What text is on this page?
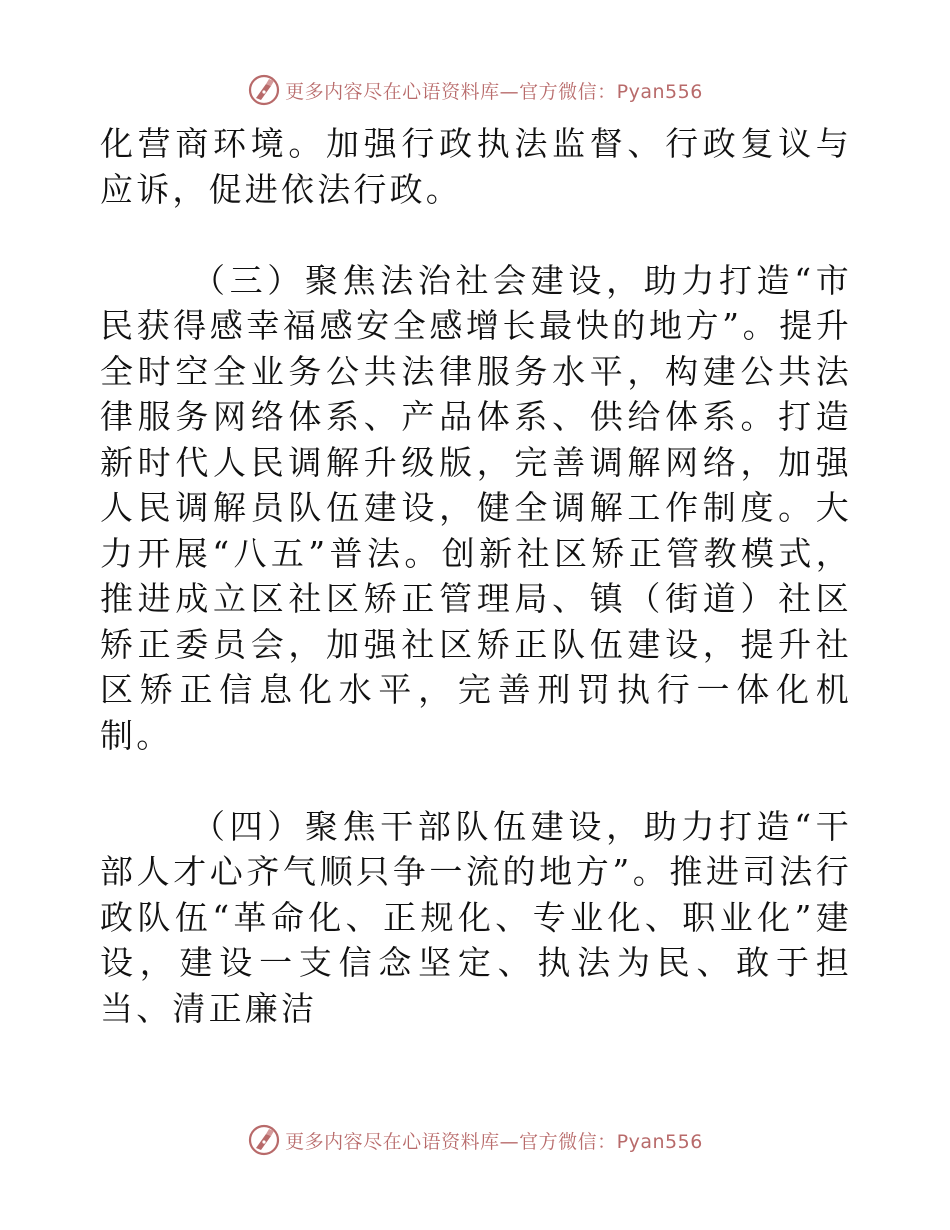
更多内容尽在心语资料库—官方微信：Pyan556

化营商环境。加强行政执法监督、行政复议与应诉，促进依法行政。

（三）聚焦法治社会建设，助力打造“市民获得感幸福感安全感增长最快的地方”。提升全时空全业务公共法律服务水平，构建公共法律服务网络体系、产品体系、供给体系。打造新时代人民调解升级版，完善调解网络，加强人民调解员队伍建设，健全调解工作制度。大力开展“八五”普法。创新社区矫正管教模式，推进成立区社区矫正管理局、镇（街道）社区矫正委员会，加强社区矫正队伍建设，提升社区矫正信息化水平，完善刑罚执行一体化机制。

（四）聚焦干部队伍建设，助力打造“干部人才心齐气顺只争一流的地方”。推进司法行政队伍“革命化、正规化、专业化、职业化”建设，建设一支信念坚定、执法为民、敢于担当、清正廉洁

更多内容尽在心语资料库—官方微信：Pyan556
